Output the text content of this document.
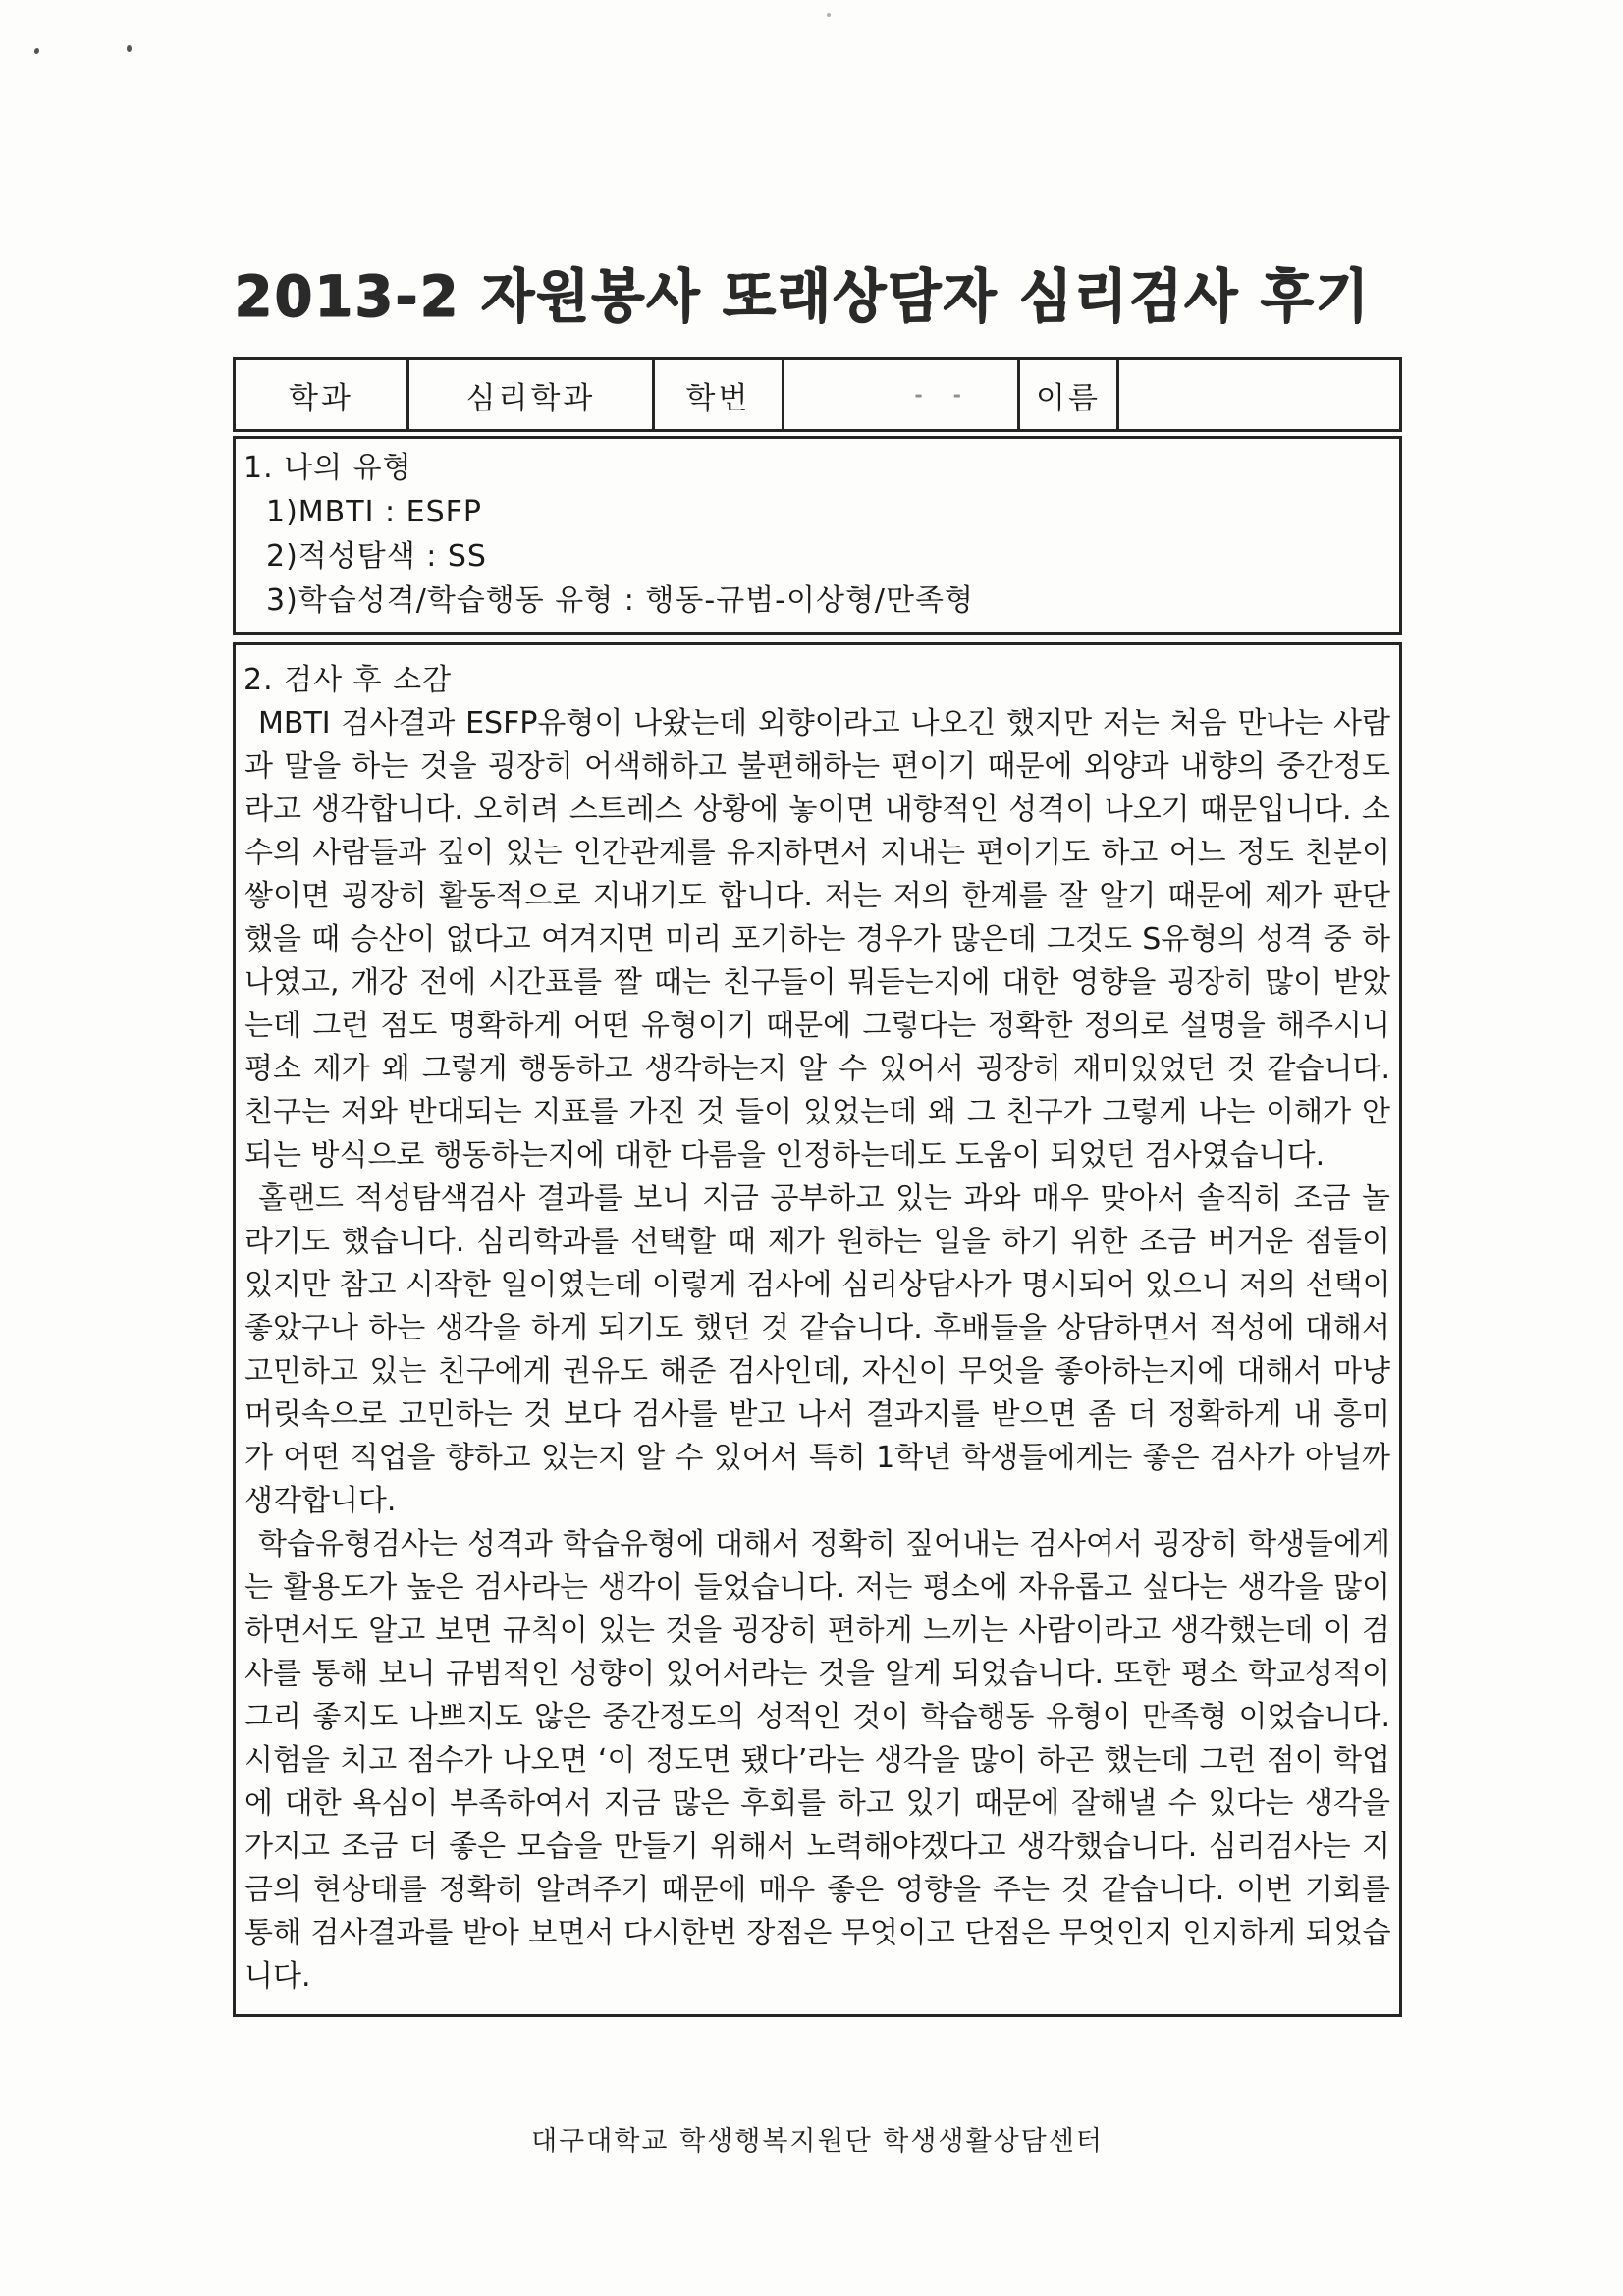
2013-2 자원봉사 또래상담자 심리검사 후기
학과	심리학과	학번	- -	이름
1. 나의 유형
1)MBTI : ESFP
2)적성탐색 : SS
3)학습성격/학습행동 유형 : 행동-규범-이상형/만족형
2. 검사 후 소감
MBTI 검사결과 ESFP유형이 나왔는데 외향이라고 나오긴 했지만 저는 처음 만나는 사람
과 말을 하는 것을 굉장히 어색해하고 불편해하는 편이기 때문에 외양과 내향의 중간정도
라고 생각합니다. 오히려 스트레스 상황에 놓이면 내향적인 성격이 나오기 때문입니다. 소
수의 사람들과 깊이 있는 인간관계를 유지하면서 지내는 편이기도 하고 어느 정도 친분이
쌓이면 굉장히 활동적으로 지내기도 합니다. 저는 저의 한계를 잘 알기 때문에 제가 판단
했을 때 승산이 없다고 여겨지면 미리 포기하는 경우가 많은데 그것도 S유형의 성격 중 하
나였고, 개강 전에 시간표를 짤 때는 친구들이 뭐듣는지에 대한 영향을 굉장히 많이 받았
는데 그런 점도 명확하게 어떤 유형이기 때문에 그렇다는 정확한 정의로 설명을 해주시니
평소 제가 왜 그렇게 행동하고 생각하는지 알 수 있어서 굉장히 재미있었던 것 같습니다.
친구는 저와 반대되는 지표를 가진 것 들이 있었는데 왜 그 친구가 그렇게 나는 이해가 안
되는 방식으로 행동하는지에 대한 다름을 인정하는데도 도움이 되었던 검사였습니다.
홀랜드 적성탐색검사 결과를 보니 지금 공부하고 있는 과와 매우 맞아서 솔직히 조금 놀
라기도 했습니다. 심리학과를 선택할 때 제가 원하는 일을 하기 위한 조금 버거운 점들이
있지만 참고 시작한 일이였는데 이렇게 검사에 심리상담사가 명시되어 있으니 저의 선택이
좋았구나 하는 생각을 하게 되기도 했던 것 같습니다. 후배들을 상담하면서 적성에 대해서
고민하고 있는 친구에게 권유도 해준 검사인데, 자신이 무엇을 좋아하는지에 대해서 마냥
머릿속으로 고민하는 것 보다 검사를 받고 나서 결과지를 받으면 좀 더 정확하게 내 흥미
가 어떤 직업을 향하고 있는지 알 수 있어서 특히 1학년 학생들에게는 좋은 검사가 아닐까
생각합니다.
학습유형검사는 성격과 학습유형에 대해서 정확히 짚어내는 검사여서 굉장히 학생들에게
는 활용도가 높은 검사라는 생각이 들었습니다. 저는 평소에 자유롭고 싶다는 생각을 많이
하면서도 알고 보면 규칙이 있는 것을 굉장히 편하게 느끼는 사람이라고 생각했는데 이 검
사를 통해 보니 규범적인 성향이 있어서라는 것을 알게 되었습니다. 또한 평소 학교성적이
그리 좋지도 나쁘지도 않은 중간정도의 성적인 것이 학습행동 유형이 만족형 이었습니다.
시험을 치고 점수가 나오면 ‘이 정도면 됐다’라는 생각을 많이 하곤 했는데 그런 점이 학업
에 대한 욕심이 부족하여서 지금 많은 후회를 하고 있기 때문에 잘해낼 수 있다는 생각을
가지고 조금 더 좋은 모습을 만들기 위해서 노력해야겠다고 생각했습니다. 심리검사는 지
금의 현상태를 정확히 알려주기 때문에 매우 좋은 영향을 주는 것 같습니다. 이번 기회를
통해 검사결과를 받아 보면서 다시한번 장점은 무엇이고 단점은 무엇인지 인지하게 되었습
니다.
대구대학교 학생행복지원단 학생생활상담센터
